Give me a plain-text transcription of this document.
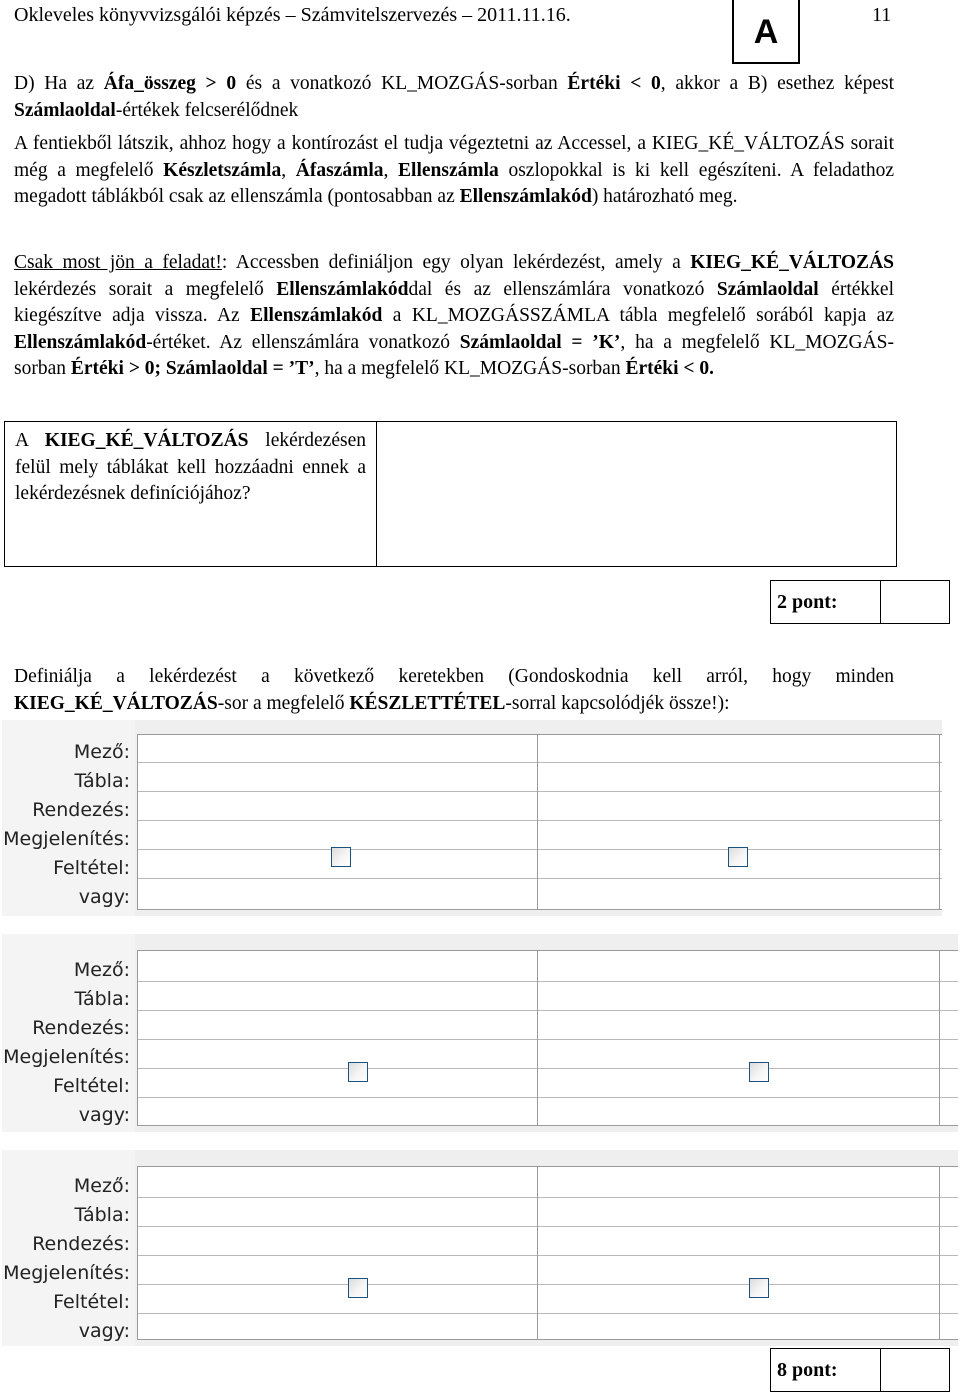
Okleveles könyvvizsgálói képzés – Számvitelszervezés – 2011.11.16.	A	11
D) Ha az Áfa_összeg > 0 és a vonatkozó KL_MOZGÁS-sorban Értéki < 0, akkor a B) esethez képest Számlaoldal-értékek felcserélődnek
A fentiekből látszik, ahhoz hogy a kontírozást el tudja végeztetni az Accessel, a KIEG_KÉ_VÁLTOZÁS sorait még a megfelelő Készletszámla, Áfaszámla, Ellenszámla oszlopokkal is ki kell egészíteni. A feladathoz megadott táblákból csak az ellenszámla (pontosabban az Ellenszámlakód) határozható meg.
Csak most jön a feladat!: Accessben definiáljon egy olyan lekérdezést, amely a KIEG_KÉ_VÁLTOZÁS lekérdezés sorait a megfelelő Ellenszámlakóddal és az ellenszámlára vonatkozó Számlaoldal értékkel kiegészítve adja vissza. Az Ellenszámlakód a KL_MOZGÁSSZÁMLA tábla megfelelő sorából kapja az Ellenszámlakód-értéket. Az ellenszámlára vonatkozó Számlaoldal = ’K’, ha a megfelelő KL_MOZGÁS-sorban Értéki > 0; Számlaoldal = ’T’, ha a megfelelő KL_MOZGÁS-sorban Értéki < 0.
A KIEG_KÉ_VÁLTOZÁS lekérdezésen felül mely táblákat kell hozzáadni ennek a lekérdezésnek definíciójához?
2 pont:
Definiálja a lekérdezést a következő keretekben (Gondoskodnia kell arról, hogy minden KIEG_KÉ_VÁLTOZÁS-sor a megfelelő KÉSZLETTÉTEL-sorral kapcsolódjék össze!):
Mező:
Tábla:
Rendezés:
Megjelenítés:
Feltétel:
vagy:
Mező:
Tábla:
Rendezés:
Megjelenítés:
Feltétel:
vagy:
Mező:
Tábla:
Rendezés:
Megjelenítés:
Feltétel:
vagy:
8 pont:
